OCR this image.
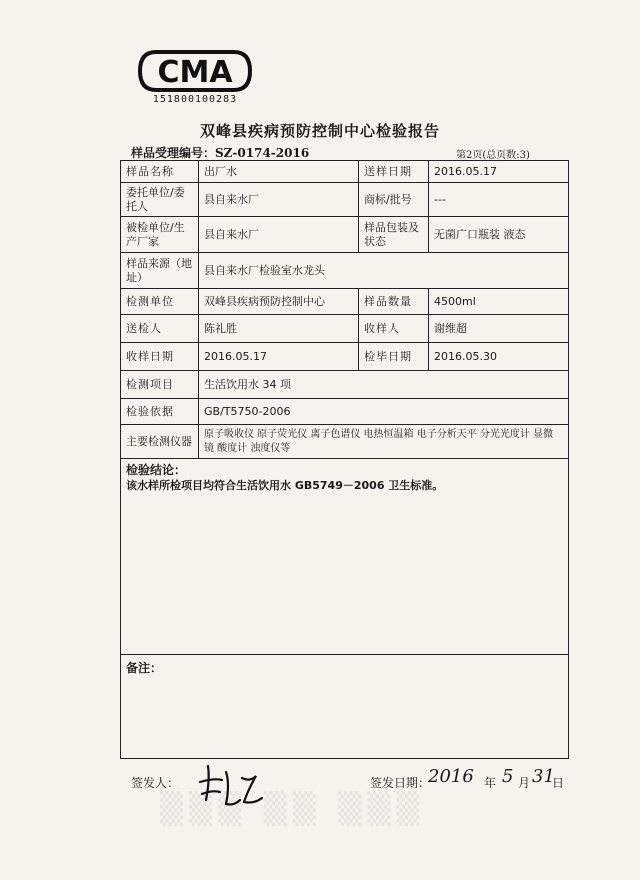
CMA
151800100283
双峰县疾病预防控制中心检验报告
样品受理编号：SZ-0174-2016	第2页(总页数:3)
样品名称	出厂水	送样日期	2016.05.17
委托单位/委托人	县自来水厂	商标/批号	---
被检单位/生产厂家	县自来水厂	样品包装及状态	无菌广口瓶装 液态
样品来源（地址）	县自来水厂检验室水龙头		
检测单位	双峰县疾病预防控制中心	样品数量	4500ml
送检人	陈礼胜	收样人	谢维超
收样日期	2016.05.17	检毕日期	2016.05.30
检测项目	生活饮用水 34 项		
检验依据	GB/T5750-2006		
主要检测仪器	原子吸收仪 原子荧光仪 离子色谱仪 电热恒温箱 电子分析天平 分光光度计 显微镜 酸度计 浊度仪等		

检验结论：
该水样所检项目均符合生活饮用水 GB5749－2006 卫生标准。			

备注：			
签发人：	签发日期：
2016 年 5 月 31
日
▒▒▒ ▒▒ ▒▒▒
